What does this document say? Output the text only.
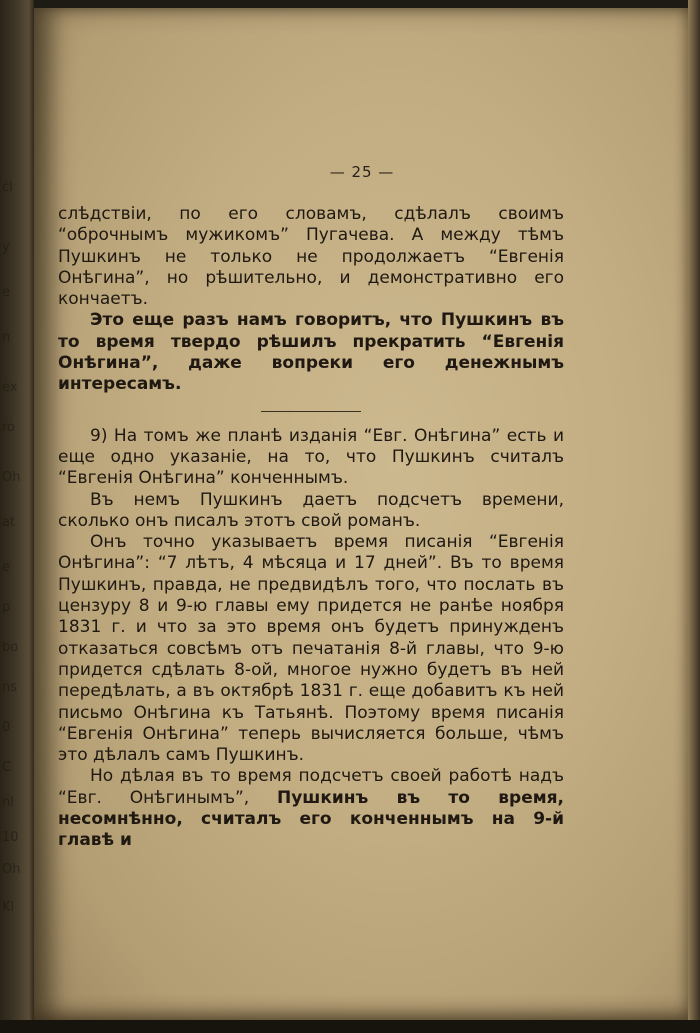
cl
y
e
n
ex
ro
Oh
at
e
p
bo
ns
0
C
nl
10
Oh
Kl
— 25 —

слѣдствіи, по его словамъ, сдѣлалъ своимъ “оброчнымъ мужикомъ” Пугачева. А между тѣмъ Пушкинъ не только не продолжаетъ “Евгенія Онѣгина”, но рѣшительно, и демонстративно его кончаетъ.

Это еще разъ намъ говоритъ, что Пушкинъ въ то время твердо рѣшилъ прекратить “Евгенія Онѣгина”, даже вопреки его денежнымъ интересамъ.

9) На томъ же планѣ изданія “Евг. Онѣгина” есть и еще одно указаніе, на то, что Пушкинъ считалъ “Евгенія Онѣгина” конченнымъ.

Въ немъ Пушкинъ даетъ подсчетъ времени, сколько онъ писалъ этотъ свой романъ.

Онъ точно указываетъ время писанія “Евгенія Онѣгина”: “7 лѣтъ, 4 мѣсяца и 17 дней”. Въ то время Пушкинъ, правда, не предвидѣлъ того, что послать въ цензуру 8 и 9-ю главы ему придется не ранѣе ноября 1831 г. и что за это время онъ будетъ принужденъ отказаться совсѣмъ отъ печатанія 8-й главы, что 9-ю придется сдѣлать 8-ой, многое нужно будетъ въ ней передѣлать, а въ октябрѣ 1831 г. еще добавитъ къ ней письмо Онѣгина къ Татьянѣ. Поэтому время писанія “Евгенія Онѣгина” теперь вычисляется больше, чѣмъ это дѣлалъ самъ Пушкинъ.

Но дѣлая въ то время подсчетъ своей работѣ надъ “Евг. Онѣгинымъ”, Пушкинъ въ то время, несомнѣнно, считалъ его конченнымъ на 9-й главѣ и
